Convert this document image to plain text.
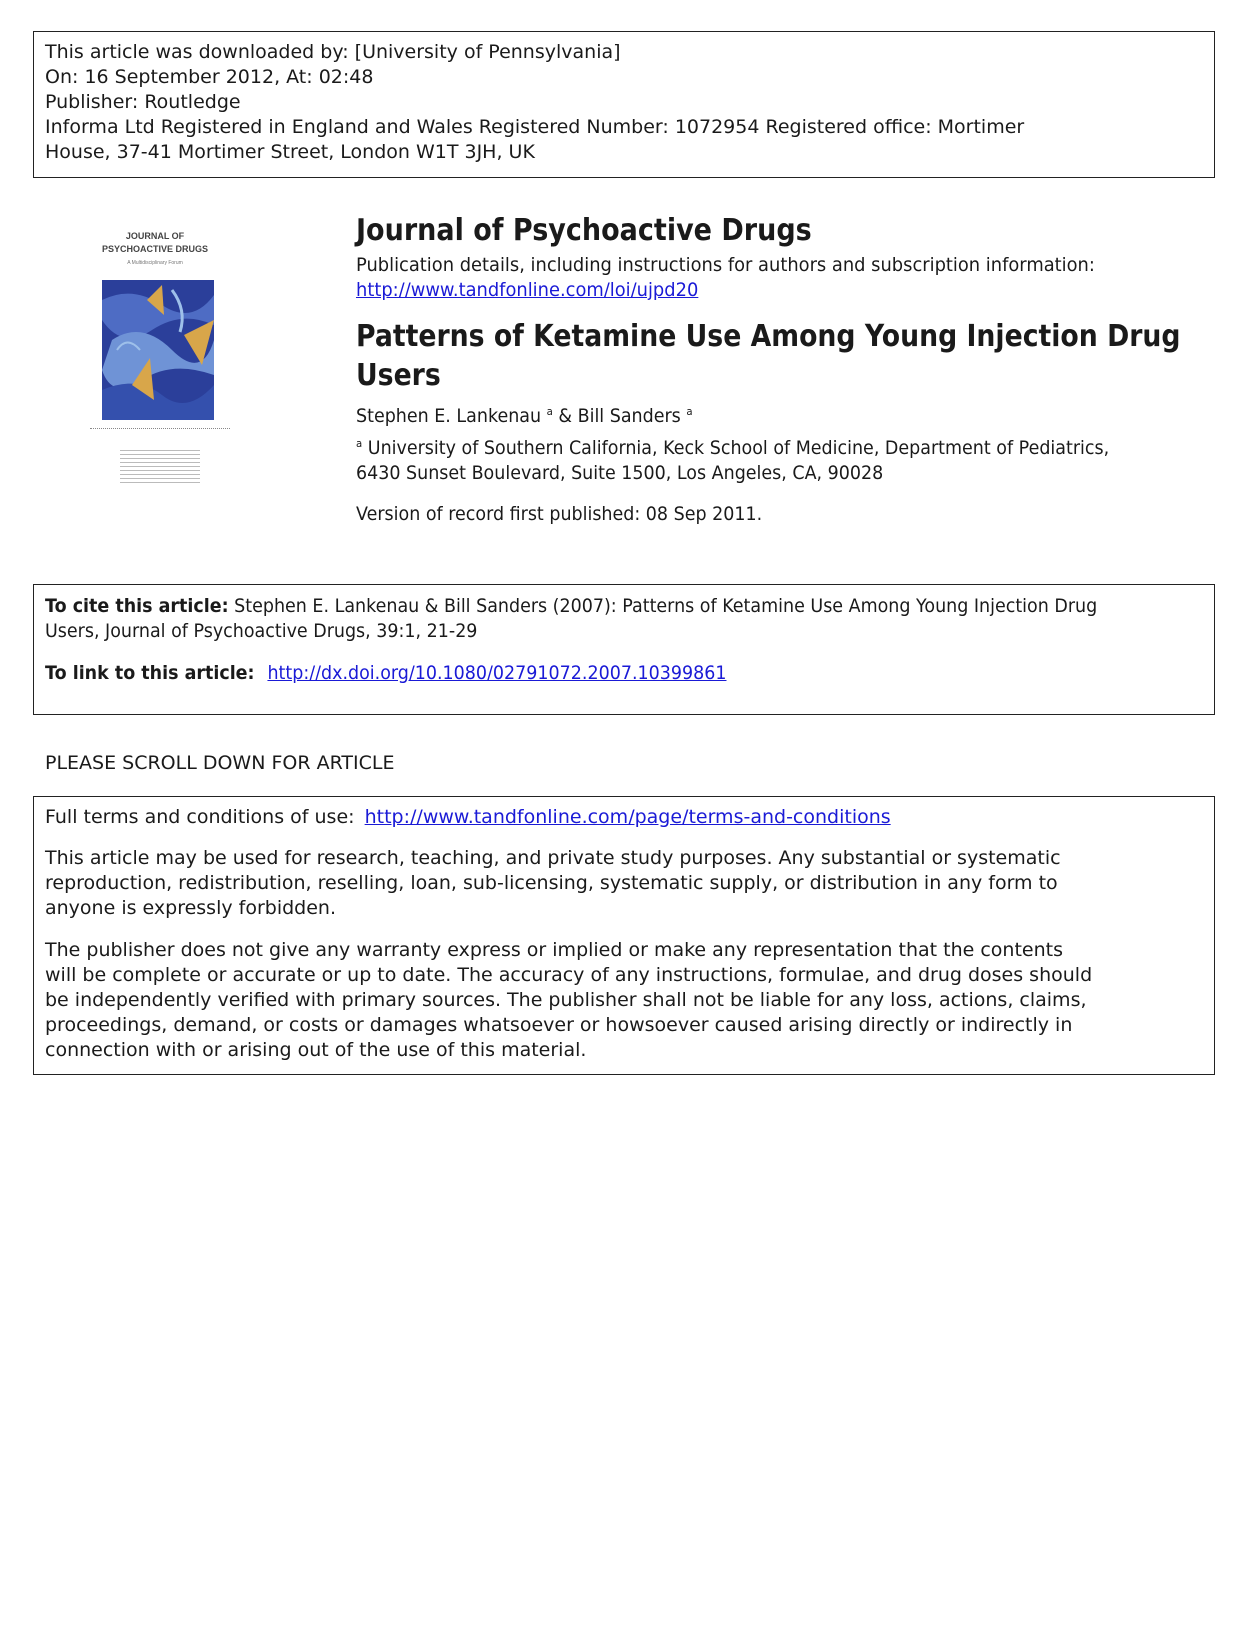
This article was downloaded by: [University of Pennsylvania]
On: 16 September 2012, At: 02:48
Publisher: Routledge
Informa Ltd Registered in England and Wales Registered Number: 1072954 Registered office: Mortimer
House, 37-41 Mortimer Street, London W1T 3JH, UK
JOURNAL OF
PSYCHOACTIVE DRUGS
A Multidisciplinary Forum
Journal of Psychoactive Drugs
Publication details, including instructions for authors and subscription information:
http://www.tandfonline.com/loi/ujpd20
Patterns of Ketamine Use Among Young Injection Drug
Users
Stephen E. Lankenau $^a$ & Bill Sanders $^a$
$^a$ University of Southern California, Keck School of Medicine, Department of Pediatrics,
6430 Sunset Boulevard, Suite 1500, Los Angeles, CA, 90028
Version of record first published: 08 Sep 2011.
To cite this article: Stephen E. Lankenau & Bill Sanders (2007): Patterns of Ketamine Use Among Young Injection Drug
Users, Journal of Psychoactive Drugs, 39:1, 21-29
To link to this article: http://dx.doi.org/10.1080/02791072.2007.10399861
PLEASE SCROLL DOWN FOR ARTICLE
Full terms and conditions of use: http://www.tandfonline.com/page/terms-and-conditions
This article may be used for research, teaching, and private study purposes. Any substantial or systematic
reproduction, redistribution, reselling, loan, sub-licensing, systematic supply, or distribution in any form to
anyone is expressly forbidden.
The publisher does not give any warranty express or implied or make any representation that the contents
will be complete or accurate or up to date. The accuracy of any instructions, formulae, and drug doses should
be independently verified with primary sources. The publisher shall not be liable for any loss, actions, claims,
proceedings, demand, or costs or damages whatsoever or howsoever caused arising directly or indirectly in
connection with or arising out of the use of this material.
